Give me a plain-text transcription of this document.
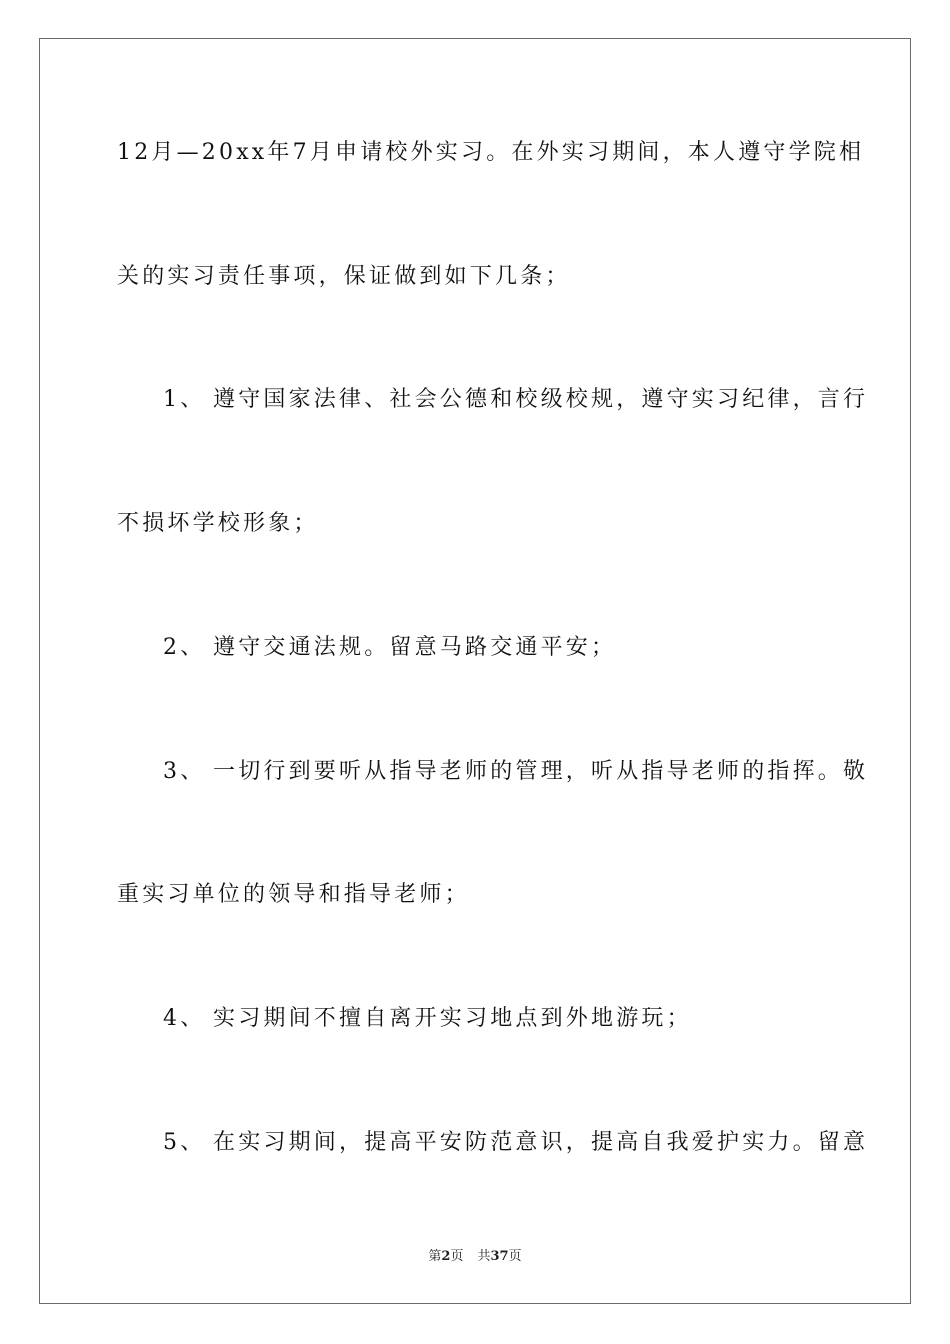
12月—20xx年7月申请校外实习。在外实习期间，本人遵守学院相
关的实习责任事项，保证做到如下几条；
1、 遵守国家法律、社会公德和校级校规，遵守实习纪律，言行
不损坏学校形象；
2、 遵守交通法规。留意马路交通平安；
3、 一切行到要听从指导老师的管理，听从指导老师的指挥。敬
重实习单位的领导和指导老师；
4、 实习期间不擅自离开实习地点到外地游玩；
5、 在实习期间，提高平安防范意识，提高自我爱护实力。留意
第2页 共37页
